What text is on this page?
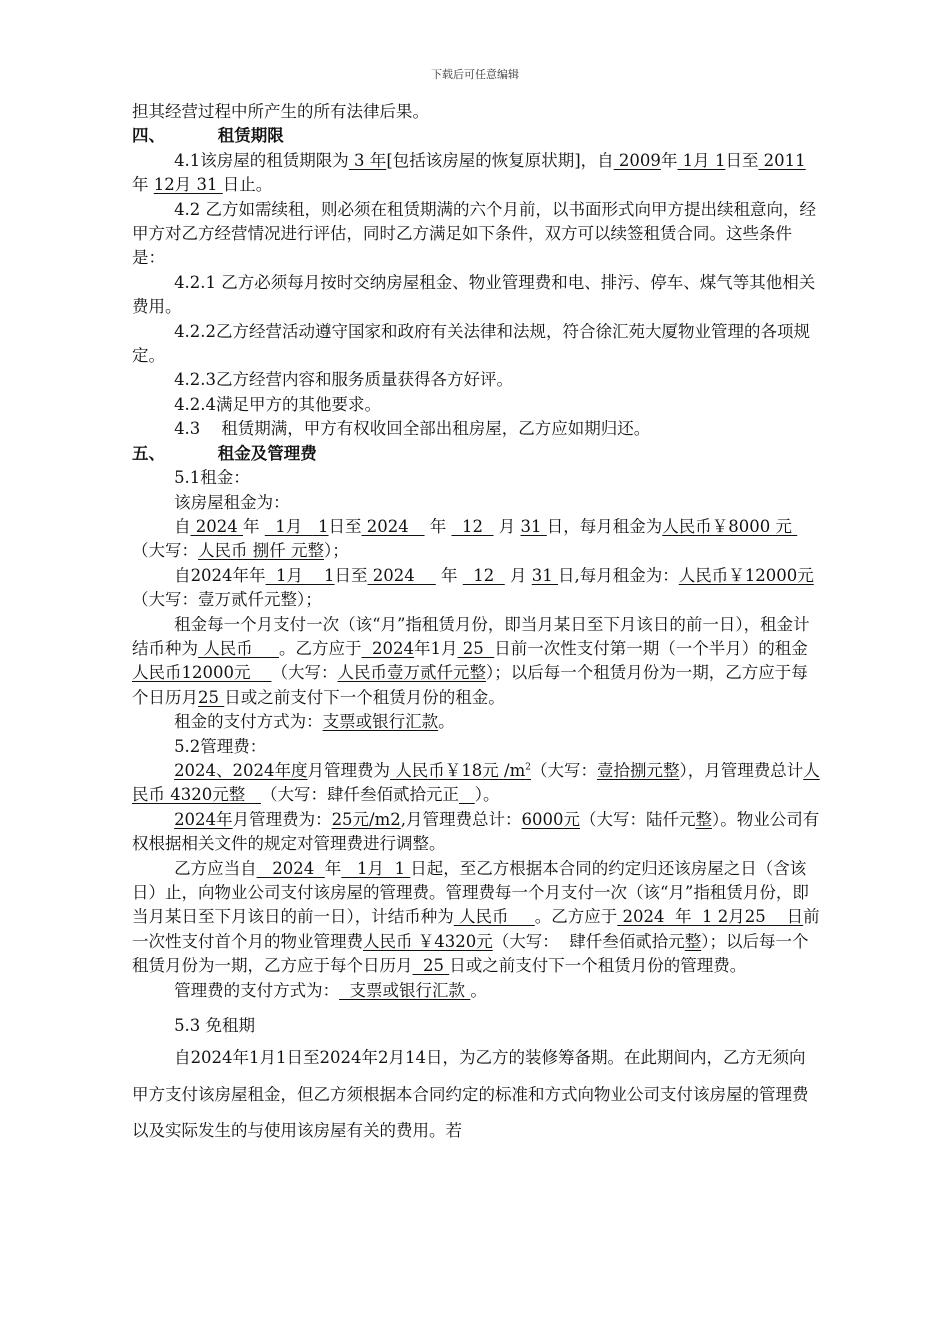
下载后可任意编辑

担其经营过程中所产生的所有法律后果。

四、	租赁期限

4.1该房屋的租赁期限为 3 年[包括该房屋的恢复原状期]，自 2009年 1月 1日至 2011 年 12月 31 日止。

4.2 乙方如需续租，则必须在租赁期满的六个月前，以书面形式向甲方提出续租意向，经甲方对乙方经营情况进行评估，同时乙方满足如下条件，双方可以续签租赁合同。这些条件是：

4.2.1 乙方必须每月按时交纳房屋租金、物业管理费和电、排污、停车、煤气等其他相关费用。

4.2.2乙方经营活动遵守国家和政府有关法律和法规，符合徐汇苑大厦物业管理的各项规定。

4.2.3乙方经营内容和服务质量获得各方好评。

4.2.4满足甲方的其他要求。

4.3    租赁期满，甲方有权收回全部出租房屋，乙方应如期归还。

五、	租金及管理费

5.1租金：

该房屋租金为：

自 2024 年   1月   1日至 2024    年   12   月 31 日，每月租金为人民币￥8000 元 （大写：人民币 捌仟 元整）；

自2024年年  1月    1日至 2024     年   12   月 31 日,每月租金为：人民币￥12000元（大写：壹万贰仟元整）；

租金每一个月支付一次（该“月”指租赁月份，即当月某日至下月该日的前一日），租金计结币种为 人民币     。乙方应于  2024年1月 25  日前一次性支付第一期（一个半月）的租金人民币12000元    （大写：人民币壹万贰仟元整）；以后每一个租赁月份为一期，乙方应于每个日历月25 日或之前支付下一个租赁月份的租金。

租金的支付方式为：支票或银行汇款。

5.2管理费：

2024、2024年度月管理费为 人民币￥18元 $/m^2$（大写：壹拾捌元整），月管理费总计人民币 4320元整   （大写：肆仟叁佰贰拾元正 ）。

2024年月管理费为：25元/m2,月管理费总计：6000元（大写：陆仟元整）。物业公司有权根据相关文件的规定对管理费进行调整。

乙方应当自   2024  年   1月  1 日起，至乙方根据本合同的约定归还该房屋之日（含该日）止，向物业公司支付该房屋的管理费。管理费每一个月支付一次（该“月”指租赁月份，即当月某日至下月该日的前一日），计结币种为 人民币     。乙方应于 2024  年  1 2月25    日前一次性支付首个月的物业管理费人民币 ￥4320元（大写：  肆仟叁佰贰拾元整）；以后每一个租赁月份为一期，乙方应于每个日历月  25 日或之前支付下一个租赁月份的管理费。

管理费的支付方式为：  支票或银行汇款 。

5.3 免租期

自2024年1月1日至2024年2月14日，为乙方的装修筹备期。在此期间内，乙方无须向甲方支付该房屋租金，但乙方须根据本合同约定的标准和方式向物业公司支付该房屋的管理费以及实际发生的与使用该房屋有关的费用。若
